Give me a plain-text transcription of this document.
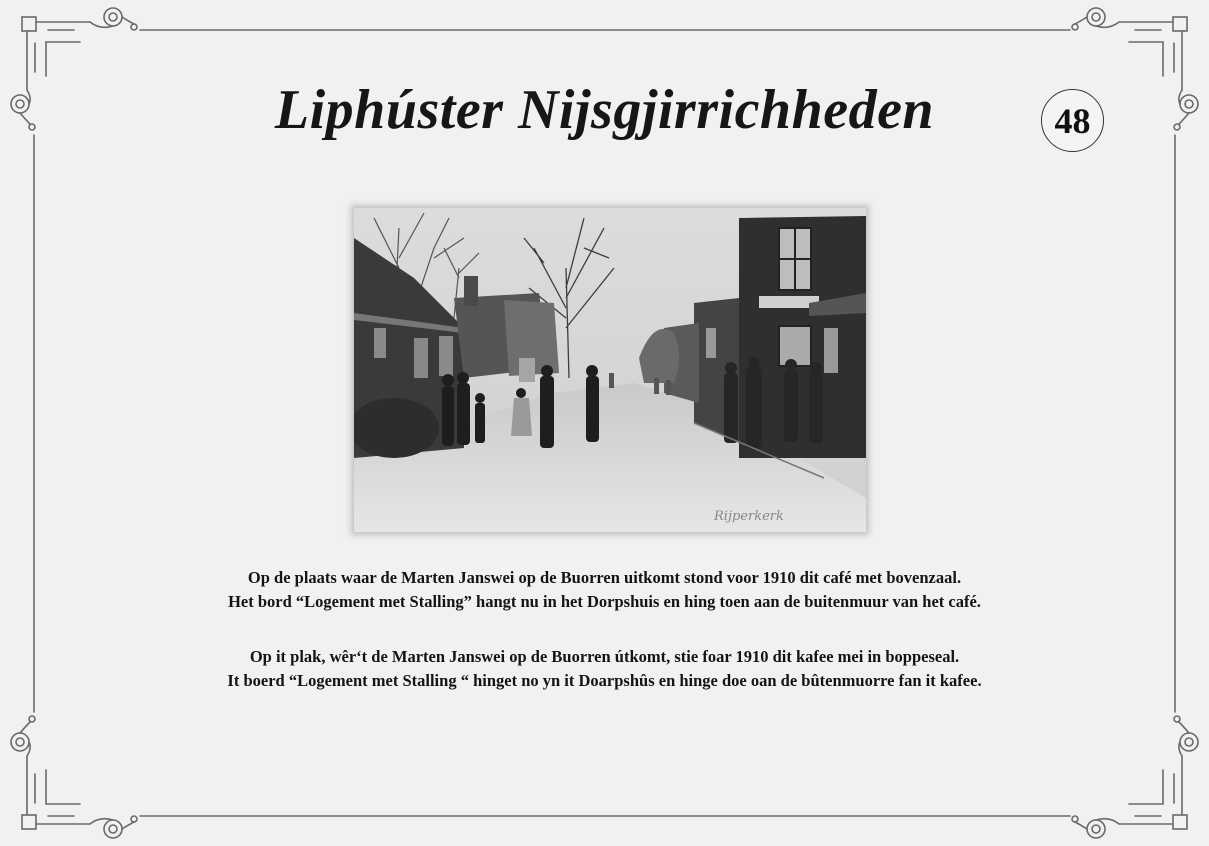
Liphúster Nijsgjirrichheden	48
Rijperkerk

Op de plaats waar de Marten Janswei op de Buorren uitkomt stond voor 1910 dit café met bovenzaal.

Het bord “Logement met Stalling” hangt nu in het Dorpshuis en hing toen aan de buitenmuur van het café.

Op it plak, wêr‘t de Marten Janswei op de Buorren útkomt, stie foar 1910 dit kafee mei in boppeseal.

It boerd “Logement met Stalling “ hinget no yn it Doarpshûs en hinge doe oan de bûtenmuorre fan it kafee.
